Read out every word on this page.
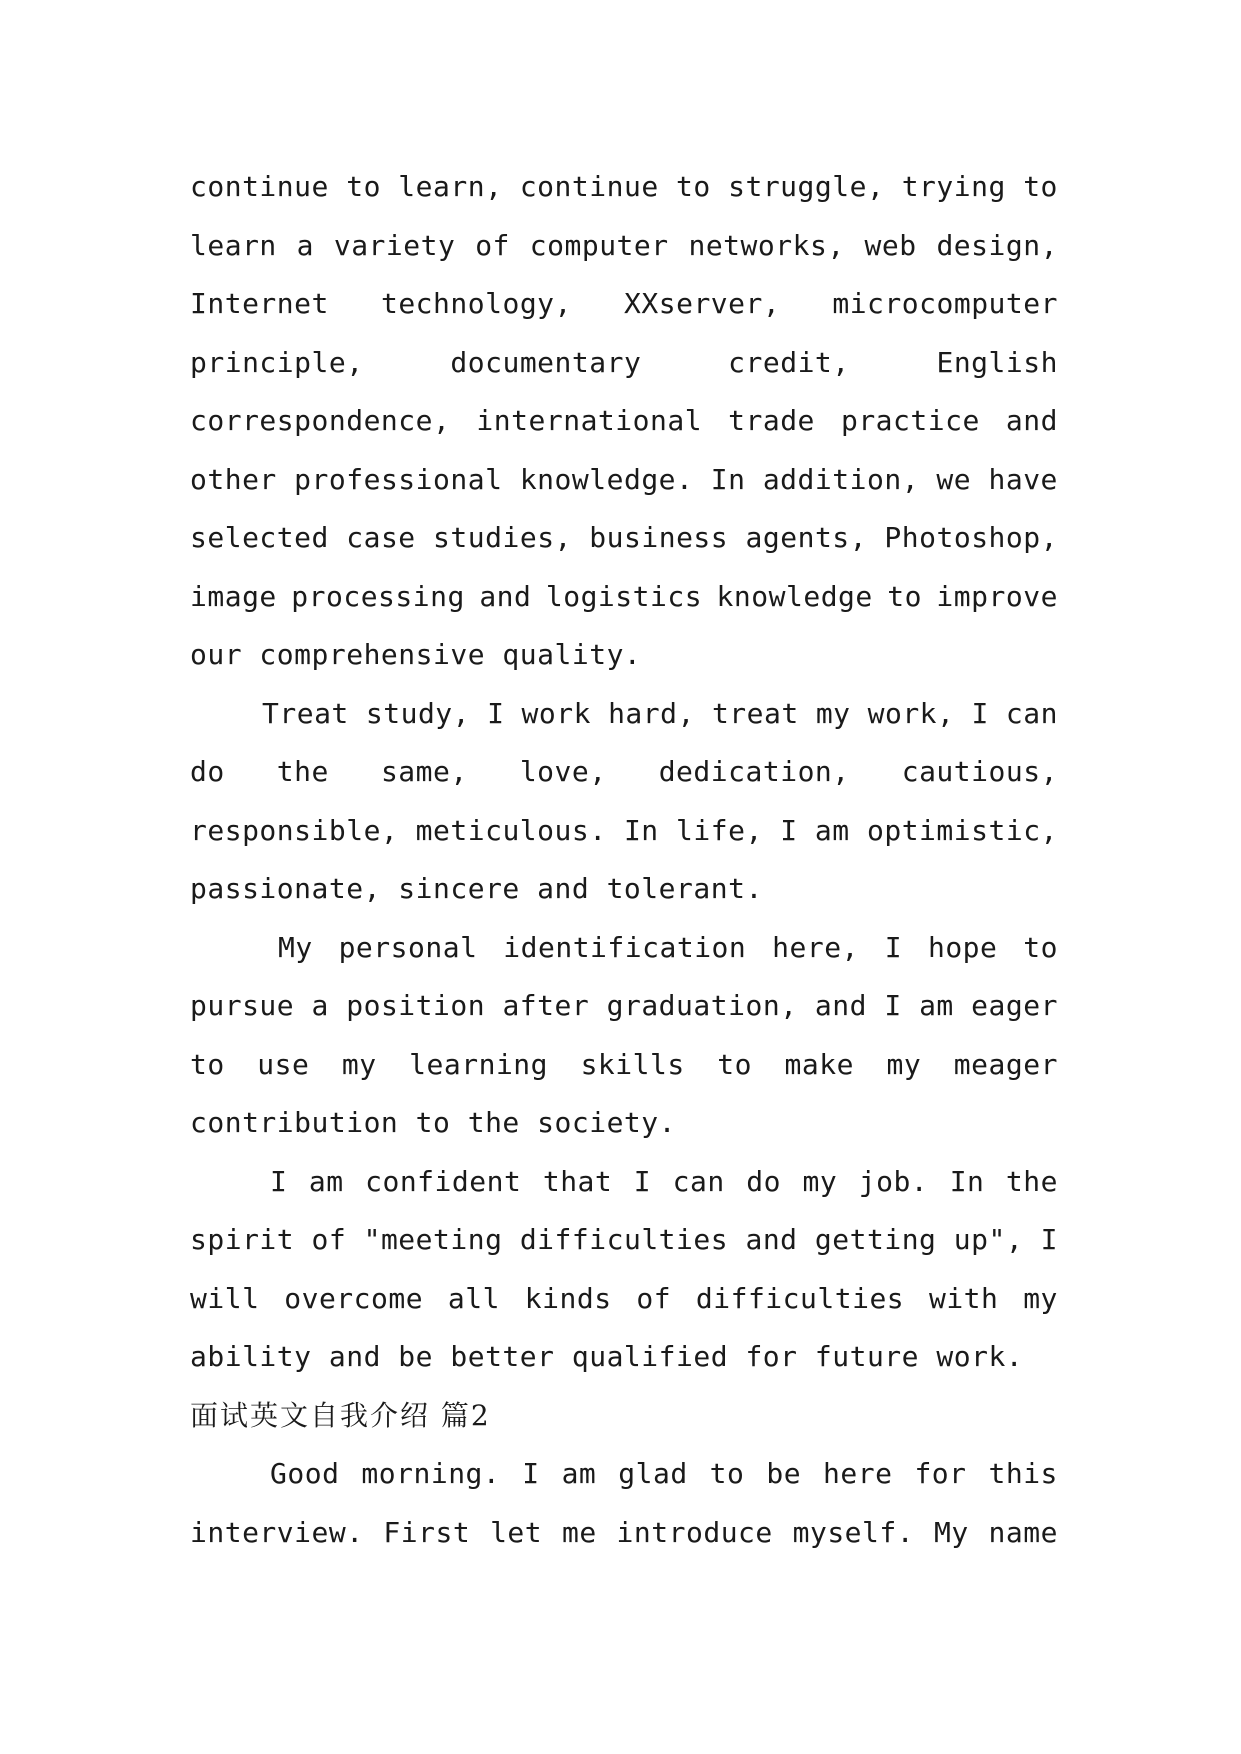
continue to learn, continue to struggle, trying to
learn a variety of computer networks, web design,
Internet technology, XXserver, microcomputer
principle,	documentary	credit,	English
correspondence, international trade practice and
other professional knowledge. In addition, we have
selected case studies, business agents, Photoshop,
image processing and logistics knowledge to improve
our comprehensive quality.
Treat study, I work hard, treat my work, I can
do the same, love, dedication, cautious,
responsible, meticulous. In life, I am optimistic,
passionate, sincere and tolerant.
My personal identification here, I hope to
pursue a position after graduation, and I am eager
to use my learning skills to make my meager
contribution to the society.
I am confident that I can do my job. In the
spirit of "meeting difficulties and getting up", I
will overcome all kinds of difficulties with my
ability and be better qualified for future work.
面试英文自我介绍 篇2
Good morning. I am glad to be here for this
interview. First let me introduce myself. My name
